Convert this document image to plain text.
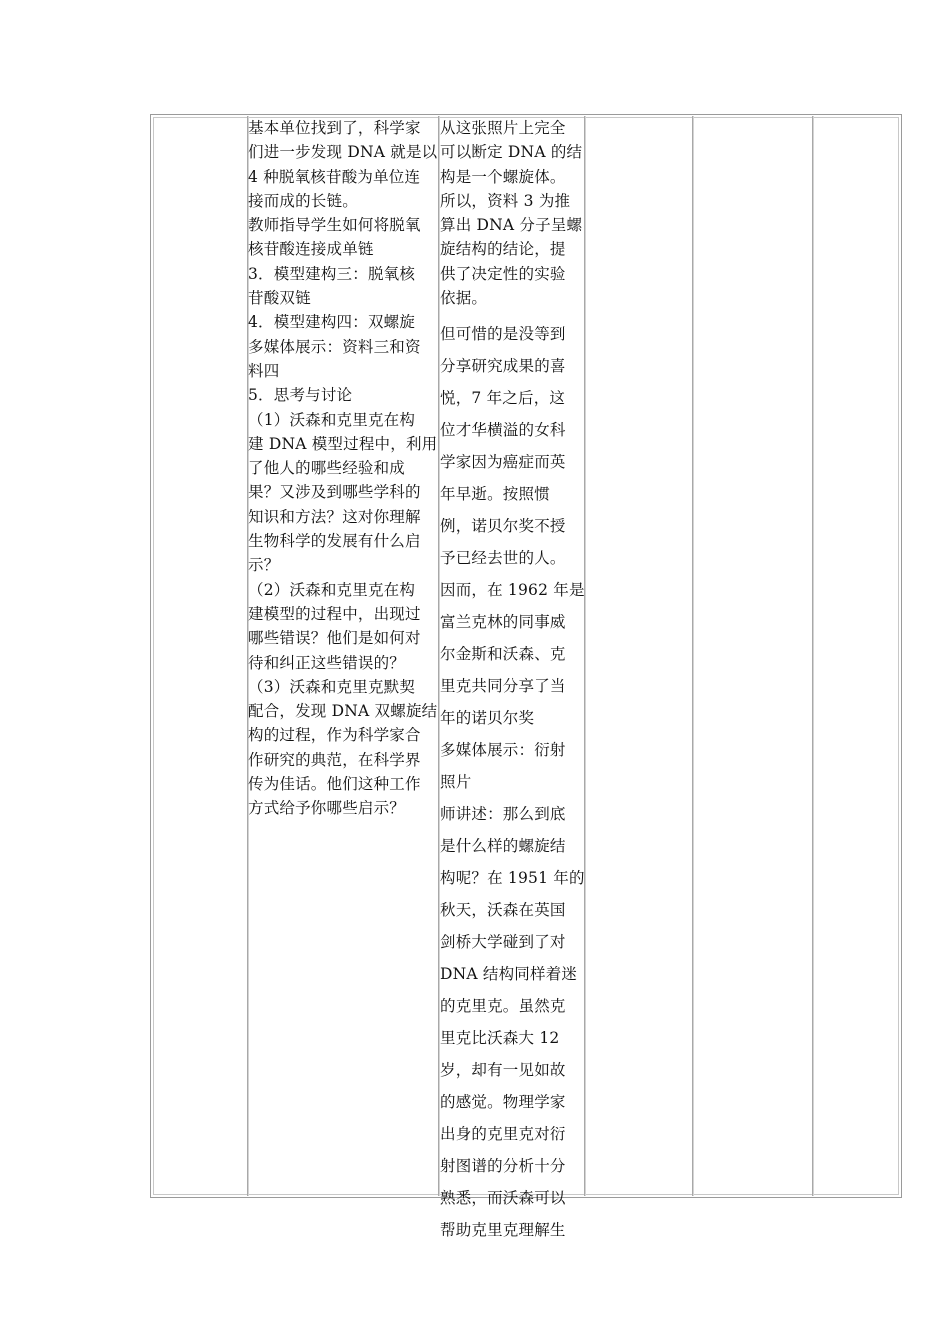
基本单位找到了，科学家

们进一步发现 DNA 就是以

4 种脱氧核苷酸为单位连

接而成的长链。

教师指导学生如何将脱氧

核苷酸连接成单链

3．模型建构三：脱氧核

苷酸双链

4．模型建构四：双螺旋

多媒体展示：资料三和资

料四

5．思考与讨论

（1）沃森和克里克在构

建 DNA 模型过程中，利用

了他人的哪些经验和成

果？又涉及到哪些学科的

知识和方法？这对你理解

生物科学的发展有什么启

示？

（2）沃森和克里克在构

建模型的过程中，出现过

哪些错误？他们是如何对

待和纠正这些错误的？

（3）沃森和克里克默契

配合，发现 DNA 双螺旋结

构的过程，作为科学家合

作研究的典范，在科学界

传为佳话。他们这种工作

方式给予你哪些启示？

从这张照片上完全

可以断定 DNA 的结

构是一个螺旋体。

所以，资料 3 为推

算出 DNA 分子呈螺

旋结构的结论，提

供了决定性的实验

依据。

但可惜的是没等到

分享研究成果的喜

悦，7 年之后，这

位才华横溢的女科

学家因为癌症而英

年早逝。按照惯

例，诺贝尔奖不授

予已经去世的人。

因而，在 1962 年是

富兰克林的同事威

尔金斯和沃森、克

里克共同分享了当

年的诺贝尔奖

多媒体展示：衍射

照片

师讲述：那么到底

是什么样的螺旋结

构呢？在 1951 年的

秋天，沃森在英国

剑桥大学碰到了对

DNA 结构同样着迷

的克里克。虽然克

里克比沃森大 12

岁，却有一见如故

的感觉。物理学家

出身的克里克对衍

射图谱的分析十分

熟悉，而沃森可以

帮助克里克理解生
